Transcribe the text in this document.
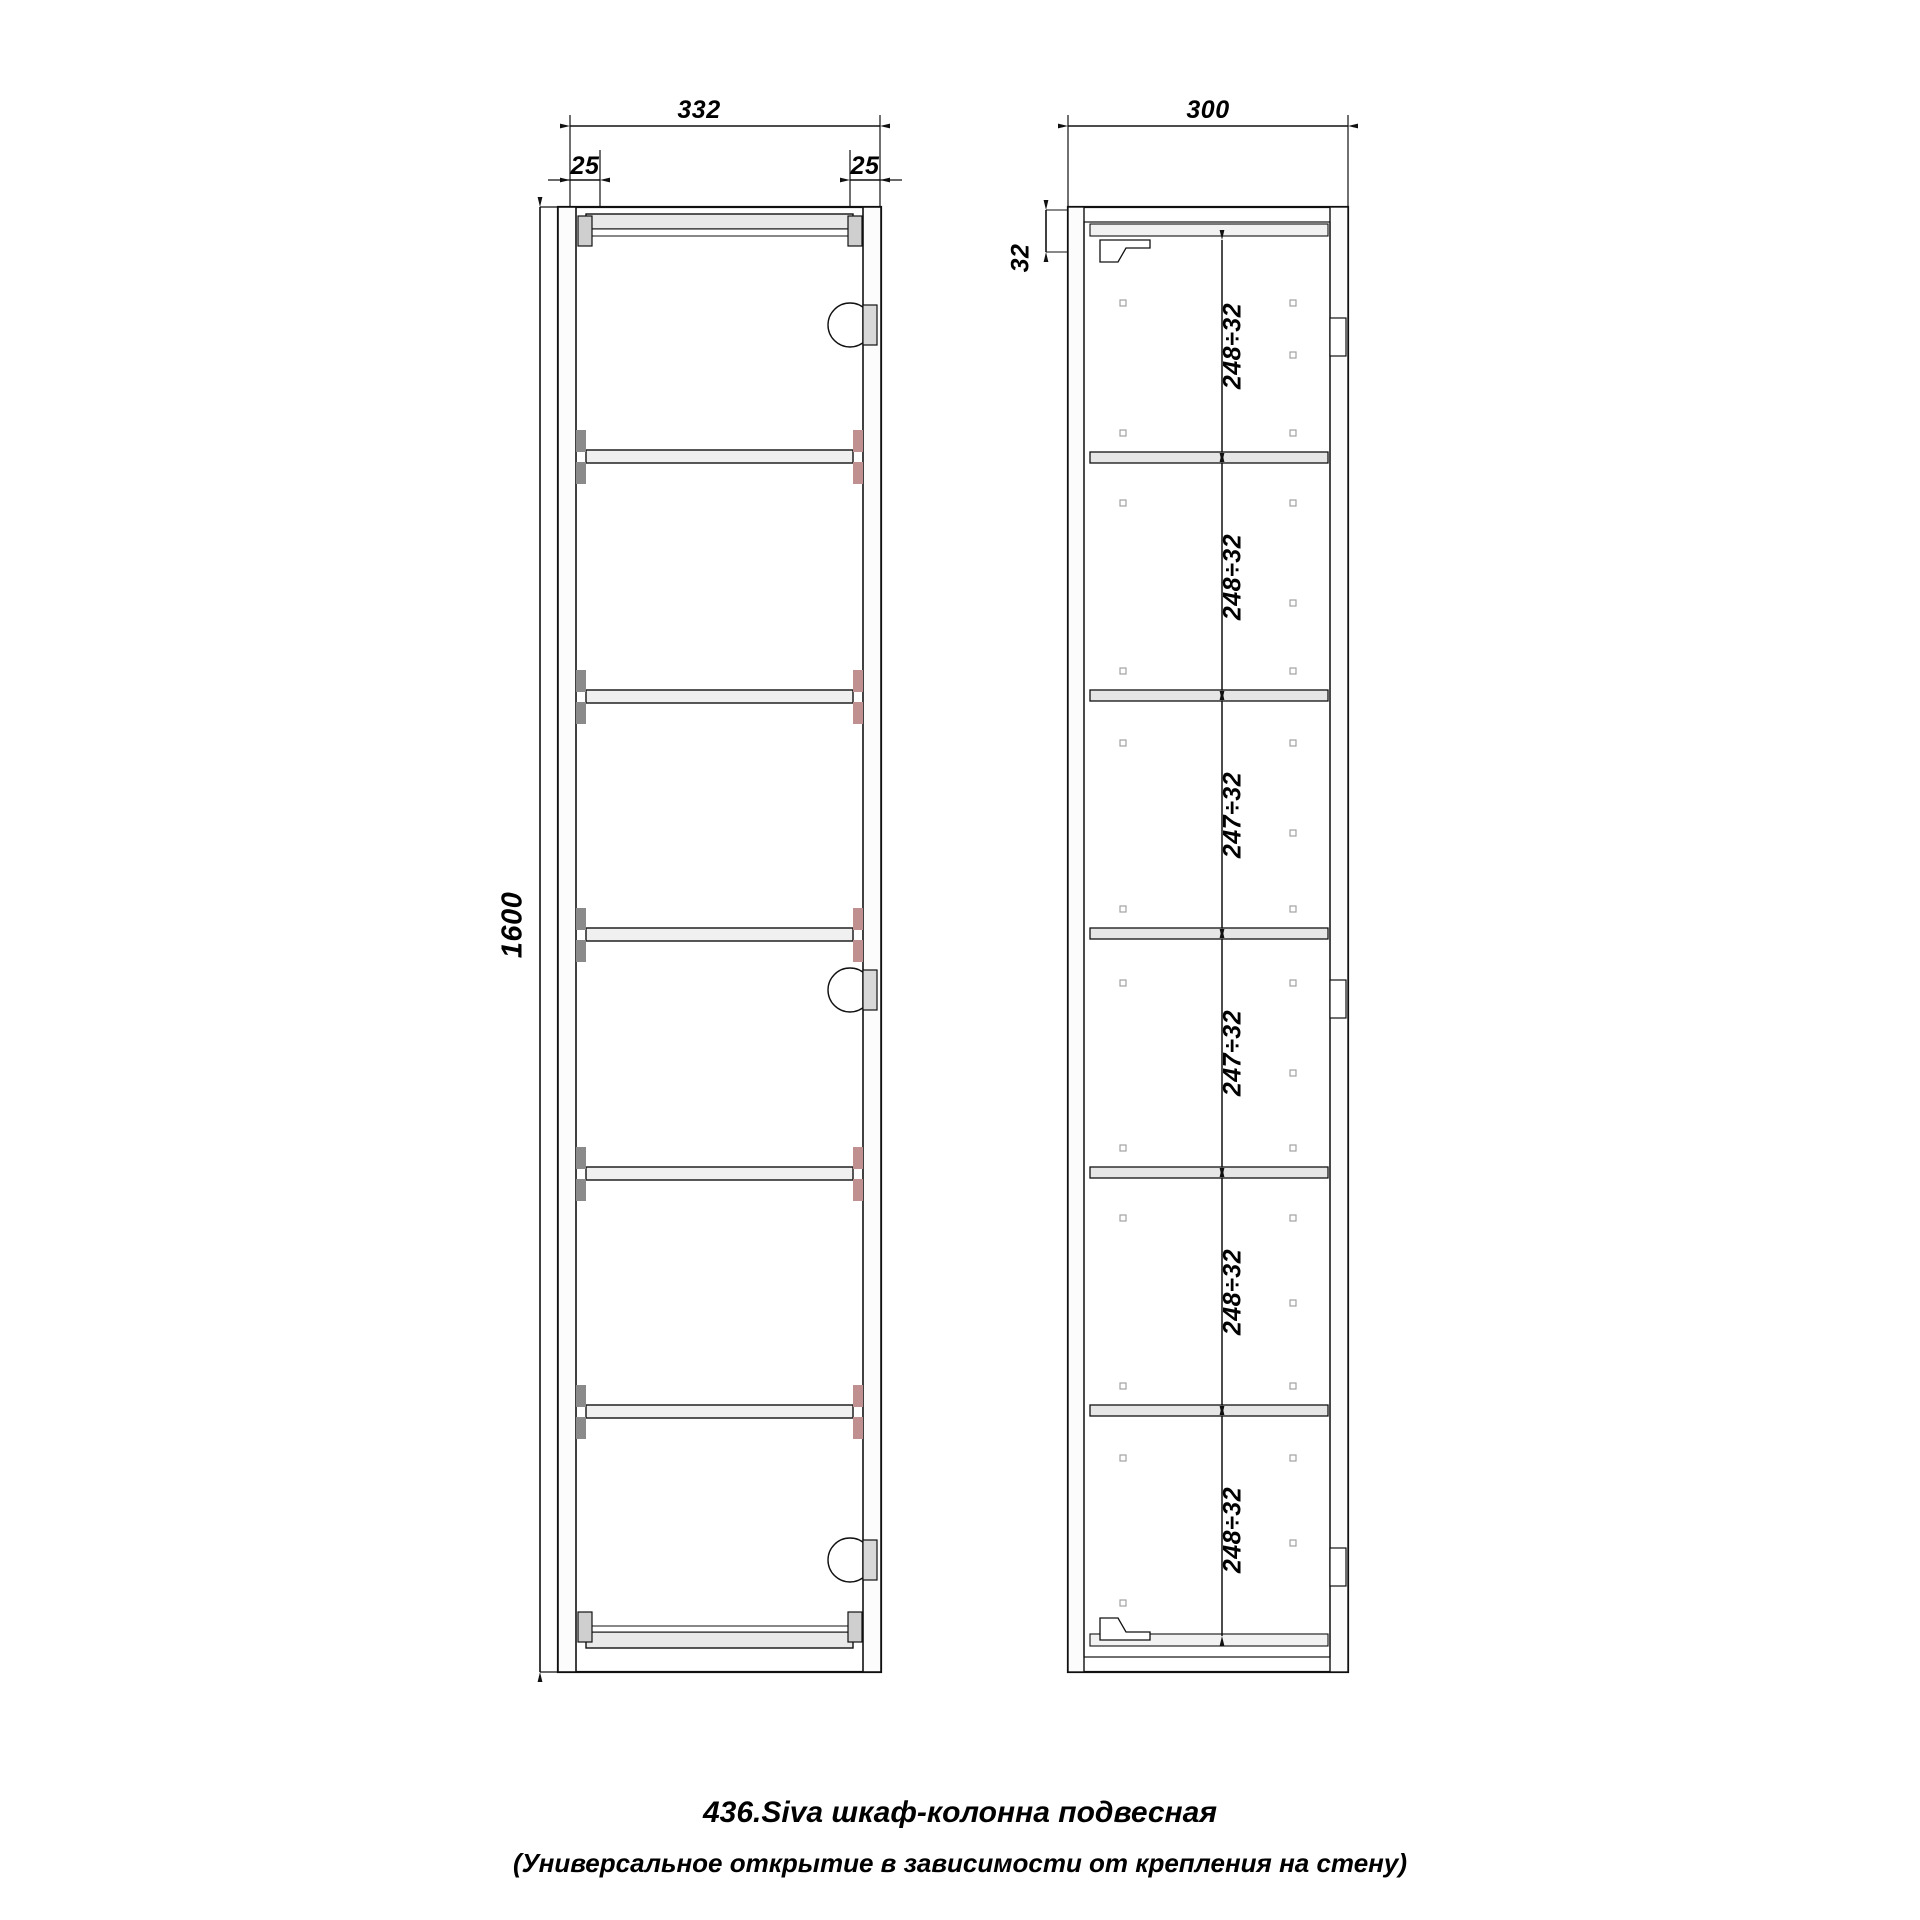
332
25	25
1600
300
32
248÷32
248÷32
247÷32
247÷32
248÷32
248÷32
436.Siva шкаф-колонна подвесная
(Универсальное открытие в зависимости от крепления на стену)
